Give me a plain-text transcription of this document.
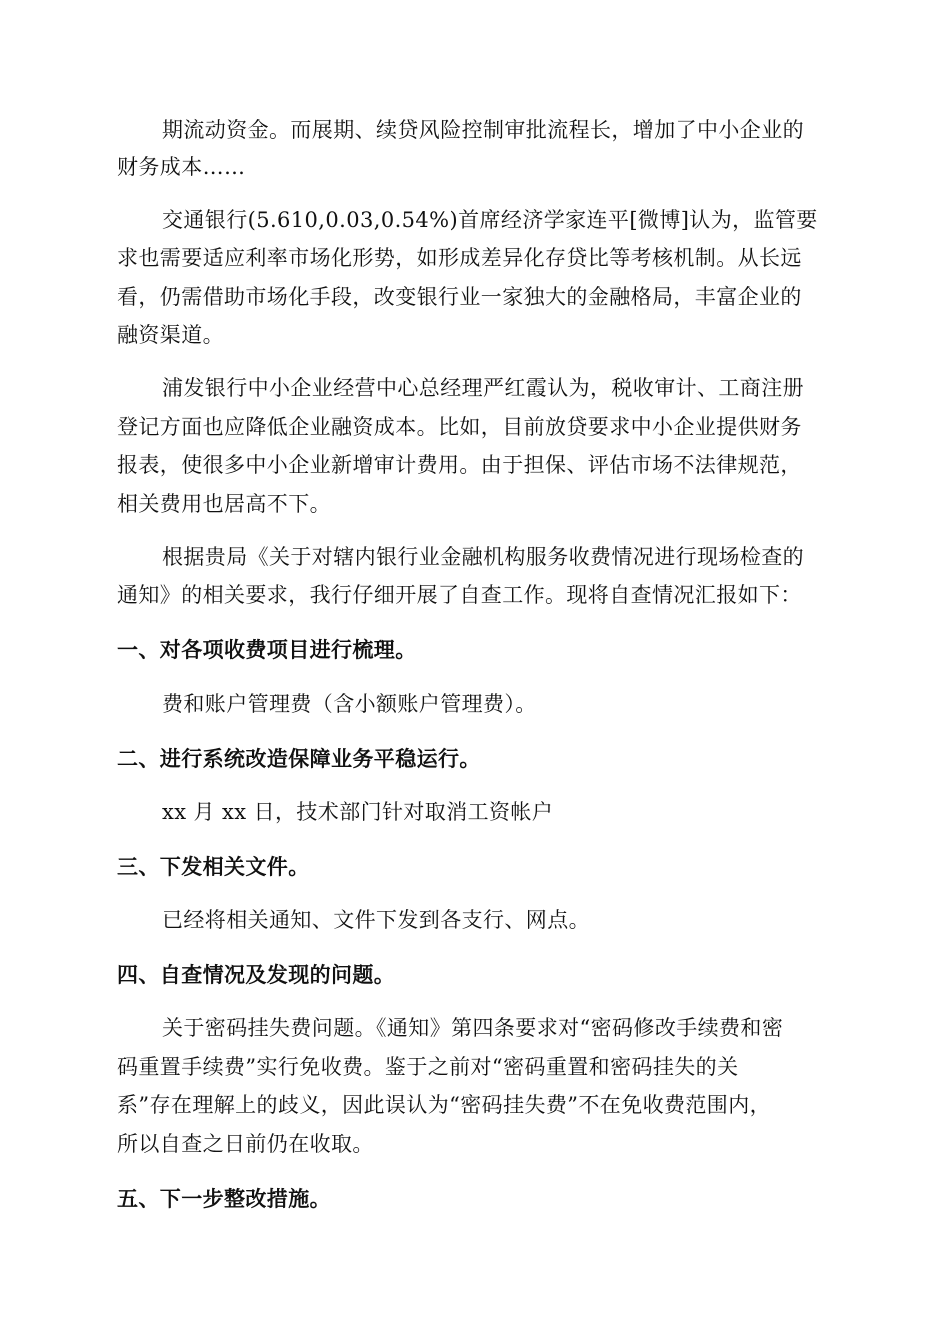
期流动资金。而展期、续贷风险控制审批流程长，增加了中小企业的
财务成本……
交通银行(5.610,0.03,0.54%)首席经济学家连平[微博]认为，监管要
求也需要适应利率市场化形势，如形成差异化存贷比等考核机制。从长远
看，仍需借助市场化手段，改变银行业一家独大的金融格局，丰富企业的
融资渠道。
浦发银行中小企业经营中心总经理严红霞认为，税收审计、工商注册
登记方面也应降低企业融资成本。比如，目前放贷要求中小企业提供财务
报表，使很多中小企业新增审计费用。由于担保、评估市场不法律规范，
相关费用也居高不下。
根据贵局《关于对辖内银行业金融机构服务收费情况进行现场检查的
通知》的相关要求，我行仔细开展了自查工作。现将自查情况汇报如下：
一、对各项收费项目进行梳理。
费和账户管理费（含小额账户管理费）。
二、进行系统改造保障业务平稳运行。
xx 月 xx 日，技术部门针对取消工资帐户
三、下发相关文件。
已经将相关通知、文件下发到各支行、网点。
四、自查情况及发现的问题。
关于密码挂失费问题。《通知》第四条要求对“密码修改手续费和密
码重置手续费”实行免收费。鉴于之前对“密码重置和密码挂失的关
系”存在理解上的歧义，因此误认为“密码挂失费”不在免收费范围内，
所以自查之日前仍在收取。
五、下一步整改措施。
